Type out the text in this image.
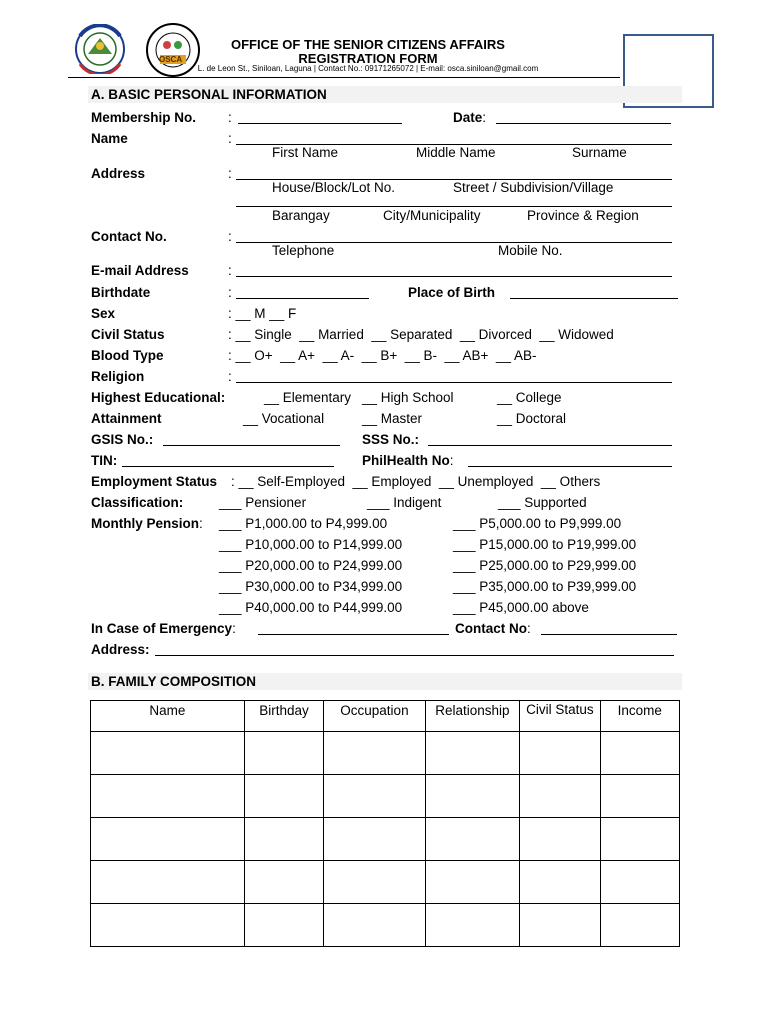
OSCA
OFFICE OF THE SENIOR CITIZENS AFFAIRS
REGISTRATION FORM
L. de Leon St., Siniloan, Laguna | Contact No.: 09171265072 | E-mail: osca.siniloan@gmail.com
A. BASIC PERSONAL INFORMATION
Membership No. :	Date:
Name	:
First Name	Middle Name	Surname
Address	:
House/Block/Lot No.	Street / Subdivision/Village
Barangay	City/Municipality	Province & Region
Contact No.	:
Telephone	Mobile No.
E-mail Address	:
Birthdate	:	Place of Birth
Sex	: __ M __ F
Civil Status	: __ Single  __ Married  __ Separated  __ Divorced  __ Widowed
Blood Type	: __ O+  __ A+  __ A-  __ B+  __ B-  __ AB+  __ AB-
Religion	:
Highest Educational:	__ Elementary __ High School	__ College
Attainment	__ Vocational	__ Master	__ Doctoral
GSIS No.:	SSS No.:
TIN:	PhilHealth No:
Employment Status : __ Self-Employed  __ Employed  __ Unemployed  __ Others
Classification:	___ Pensioner	___ Indigent	___ Supported
Monthly Pension: ___ P1,000.00 to P4,999.00	___ P5,000.00 to P9,999.00
___ P10,000.00 to P14,999.00	___ P15,000.00 to P19,999.00
___ P20,000.00 to P24,999.00	___ P25,000.00 to P29,999.00
___ P30,000.00 to P34,999.00	___ P35,000.00 to P39,999.00
___ P40,000.00 to P44,999.00	___ P45,000.00 above
In Case of Emergency:	Contact No:
Address:
B. FAMILY COMPOSITION
Name	Birthday	Occupation	Relationship	Civil Status	Income
